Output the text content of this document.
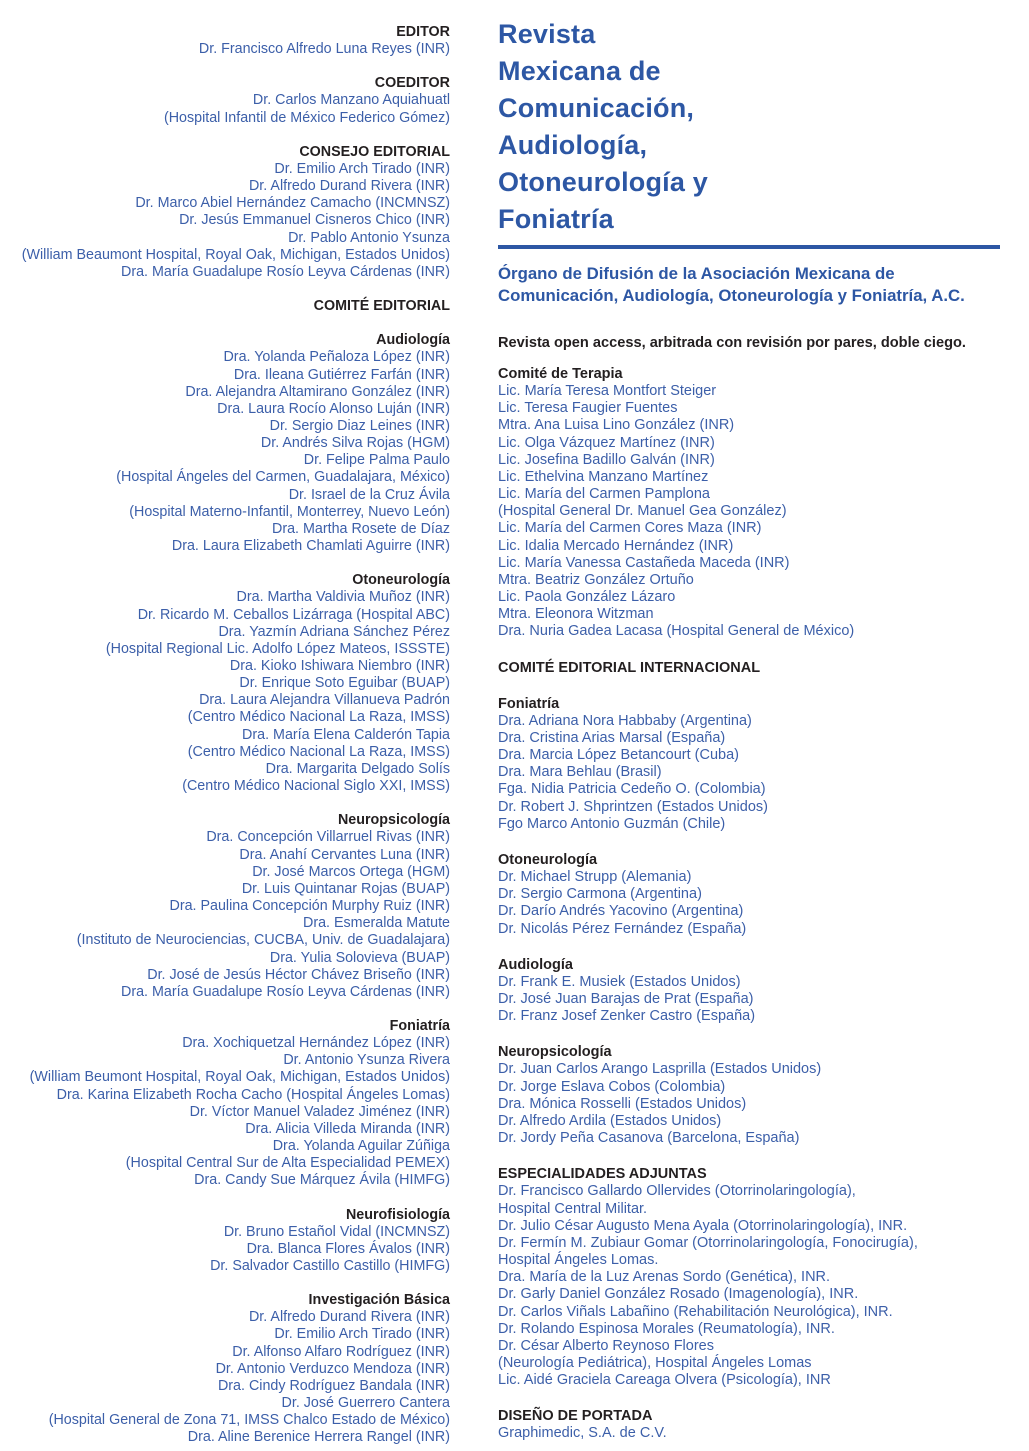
EDITOR
Dr. Francisco Alfredo Luna Reyes (INR)
COEDITOR
Dr. Carlos Manzano Aquiahuatl
(Hospital Infantil de México Federico Gómez)
CONSEJO EDITORIAL
Dr. Emilio Arch Tirado (INR)
Dr. Alfredo Durand Rivera (INR)
Dr. Marco Abiel Hernández Camacho (INCMNSZ)
Dr. Jesús Emmanuel Cisneros Chico (INR)
Dr. Pablo Antonio Ysunza
(William Beaumont Hospital, Royal Oak, Michigan, Estados Unidos)
Dra. María Guadalupe Rosío Leyva Cárdenas (INR)
COMITÉ EDITORIAL
Audiología
Dra. Yolanda Peñaloza López (INR)
Dra. Ileana Gutiérrez Farfán (INR)
Dra. Alejandra Altamirano González (INR)
Dra. Laura Rocío Alonso Luján (INR)
Dr. Sergio Diaz Leines (INR)
Dr. Andrés Silva Rojas (HGM)
Dr. Felipe Palma Paulo
(Hospital Ángeles del Carmen, Guadalajara, México)
Dr. Israel de la Cruz Ávila
(Hospital Materno-Infantil, Monterrey, Nuevo León)
Dra. Martha Rosete de Díaz
Dra. Laura Elizabeth Chamlati Aguirre (INR)
Otoneurología
Dra. Martha Valdivia Muñoz (INR)
Dr. Ricardo M. Ceballos Lizárraga (Hospital ABC)
Dra. Yazmín Adriana Sánchez Pérez
(Hospital Regional Lic. Adolfo López Mateos, ISSSTE)
Dra. Kioko Ishiwara Niembro (INR)
Dr. Enrique Soto Eguibar (BUAP)
Dra. Laura Alejandra Villanueva Padrón
(Centro Médico Nacional La Raza, IMSS)
Dra. María Elena Calderón Tapia
(Centro Médico Nacional La Raza, IMSS)
Dra. Margarita Delgado Solís
(Centro Médico Nacional Siglo XXI, IMSS)
Neuropsicología
Dra. Concepción Villarruel Rivas (INR)
Dra. Anahí Cervantes Luna (INR)
Dr. José Marcos Ortega (HGM)
Dr. Luis Quintanar Rojas (BUAP)
Dra. Paulina Concepción Murphy Ruiz (INR)
Dra. Esmeralda Matute
(Instituto de Neurociencias, CUCBA, Univ. de Guadalajara)
Dra. Yulia Solovieva (BUAP)
Dr. José de Jesús Héctor Chávez Briseño (INR)
Dra. María Guadalupe Rosío Leyva Cárdenas (INR)
Foniatría
Dra. Xochiquetzal Hernández López (INR)
Dr. Antonio Ysunza Rivera
(William Beumont Hospital, Royal Oak, Michigan, Estados Unidos)
Dra. Karina Elizabeth Rocha Cacho (Hospital Ángeles Lomas)
Dr. Víctor Manuel Valadez Jiménez (INR)
Dra. Alicia Villeda Miranda (INR)
Dra. Yolanda Aguilar Zúñiga
(Hospital Central Sur de Alta Especialidad PEMEX)
Dra. Candy Sue Márquez Ávila (HIMFG)
Neurofisiología
Dr. Bruno Estañol Vidal (INCMNSZ)
Dra. Blanca Flores Ávalos (INR)
Dr. Salvador Castillo Castillo (HIMFG)
Investigación Básica
Dr. Alfredo Durand Rivera (INR)
Dr. Emilio Arch Tirado (INR)
Dr. Alfonso Alfaro Rodríguez (INR)
Dr. Antonio Verduzco Mendoza (INR)
Dra. Cindy Rodríguez Bandala (INR)
Dr. José Guerrero Cantera
(Hospital General de Zona 71, IMSS Chalco Estado de México)
Dra. Aline Berenice Herrera Rangel (INR)
Revista
Mexicana de
Comunicación,
Audiología,
Otoneurología y
Foniatría
Órgano de Difusión de la Asociación Mexicana de
Comunicación, Audiología, Otoneurología y Foniatría, A.C.
Revista open access, arbitrada con revisión por pares, doble ciego.
Comité de Terapia
Lic. María Teresa Montfort Steiger
Lic. Teresa Faugier Fuentes
Mtra. Ana Luisa Lino González (INR)
Lic. Olga Vázquez Martínez (INR)
Lic. Josefina Badillo Galván (INR)
Lic. Ethelvina Manzano Martínez
Lic. María del Carmen Pamplona
(Hospital General Dr. Manuel Gea González)
Lic. María del Carmen Cores Maza (INR)
Lic. Idalia Mercado Hernández (INR)
Lic. María Vanessa Castañeda Maceda (INR)
Mtra. Beatriz González Ortuño
Lic. Paola González Lázaro
Mtra. Eleonora Witzman
Dra. Nuria Gadea Lacasa (Hospital General de México)
COMITÉ EDITORIAL INTERNACIONAL
Foniatría
Dra. Adriana Nora Habbaby (Argentina)
Dra. Cristina Arias Marsal (España)
Dra. Marcia López Betancourt (Cuba)
Dra. Mara Behlau (Brasil)
Fga. Nidia Patricia Cedeño O. (Colombia)
Dr. Robert J. Shprintzen (Estados Unidos)
Fgo Marco Antonio Guzmán (Chile)
Otoneurología
Dr. Michael Strupp (Alemania)
Dr. Sergio Carmona (Argentina)
Dr. Darío Andrés Yacovino (Argentina)
Dr. Nicolás Pérez Fernández (España)
Audiología
Dr. Frank E. Musiek (Estados Unidos)
Dr. José Juan Barajas de Prat (España)
Dr. Franz Josef Zenker Castro (España)
Neuropsicología
Dr. Juan Carlos Arango Lasprilla (Estados Unidos)
Dr. Jorge Eslava Cobos (Colombia)
Dra. Mónica Rosselli (Estados Unidos)
Dr. Alfredo Ardila (Estados Unidos)
Dr. Jordy Peña Casanova (Barcelona, España)
ESPECIALIDADES ADJUNTAS
Dr. Francisco Gallardo Ollervides (Otorrinolaringología),
Hospital Central Militar.
Dr. Julio César Augusto Mena Ayala (Otorrinolaringología), INR.
Dr. Fermín M. Zubiaur Gomar (Otorrinolaringología, Fonocirugía),
Hospital Ángeles Lomas.
Dra. María de la Luz Arenas Sordo (Genética), INR.
Dr. Garly Daniel González Rosado (Imagenología), INR.
Dr. Carlos Viñals Labañino (Rehabilitación Neurológica), INR.
Dr. Rolando Espinosa Morales (Reumatología), INR.
Dr. César Alberto Reynoso Flores
(Neurología Pediátrica), Hospital Ángeles Lomas
Lic. Aidé Graciela Careaga Olvera (Psicología), INR
DISEÑO DE PORTADA
Graphimedic, S.A. de C.V.
